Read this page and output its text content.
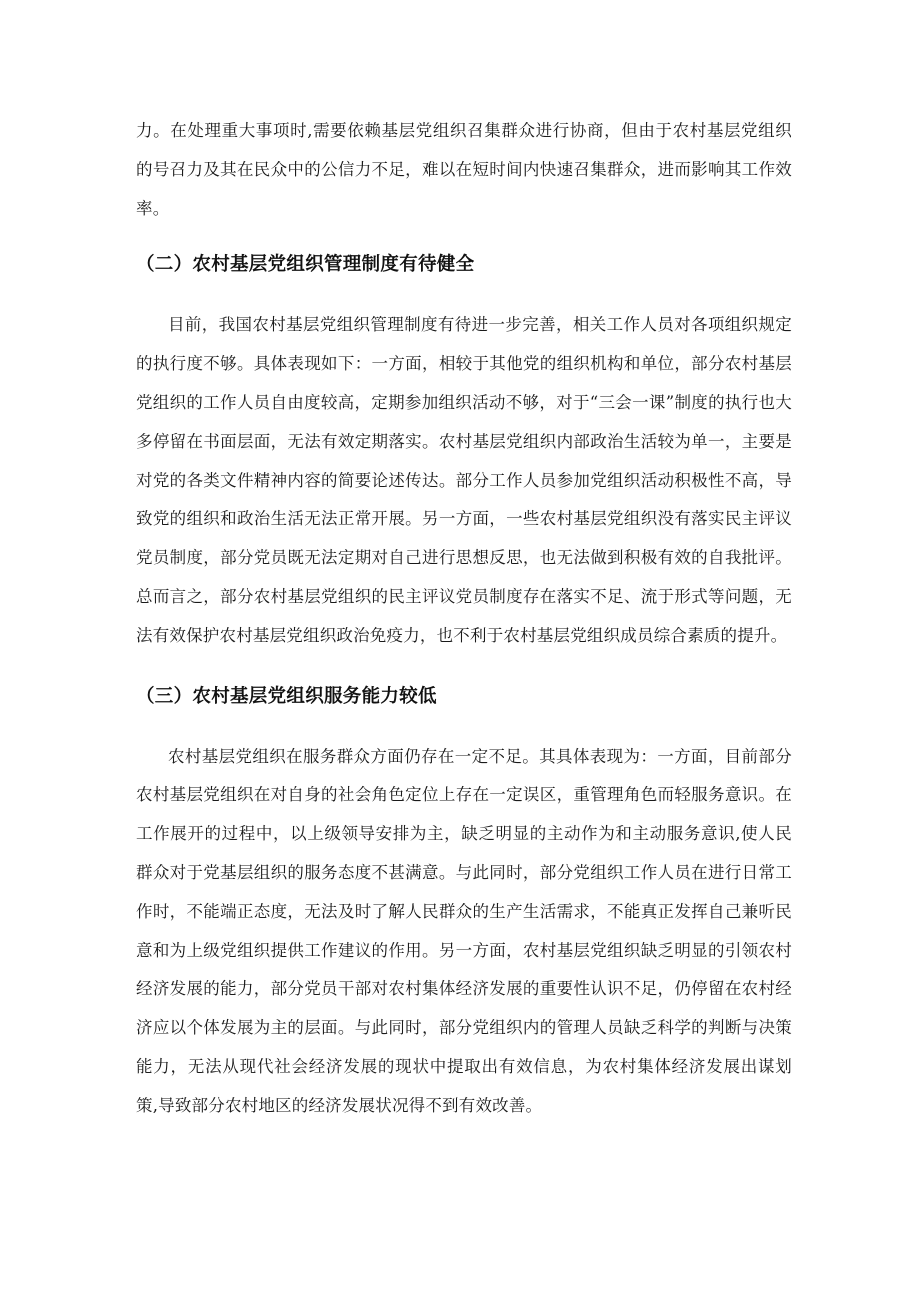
力。在处理重大事项时,需要依赖基层党组织召集群众进行协商，但由于农村基层党组织的号召力及其在民众中的公信力不足，难以在短时间内快速召集群众，进而影响其工作效率。

（二）农村基层党组织管理制度有待健全

目前，我国农村基层党组织管理制度有待进一步完善，相关工作人员对各项组织规定的执行度不够。具体表现如下：一方面，相较于其他党的组织机构和单位，部分农村基层党组织的工作人员自由度较高，定期参加组织活动不够，对于“三会一课”制度的执行也大多停留在书面层面，无法有效定期落实。农村基层党组织内部政治生活较为单一，主要是对党的各类文件精神内容的简要论述传达。部分工作人员参加党组织活动积极性不高，导致党的组织和政治生活无法正常开展。另一方面，一些农村基层党组织没有落实民主评议党员制度，部分党员既无法定期对自己进行思想反思，也无法做到积极有效的自我批评。总而言之，部分农村基层党组织的民主评议党员制度存在落实不足、流于形式等问题，无法有效保护农村基层党组织政治免疫力，也不利于农村基层党组织成员综合素质的提升。

（三）农村基层党组织服务能力较低

农村基层党组织在服务群众方面仍存在一定不足。其具体表现为：一方面，目前部分农村基层党组织在对自身的社会角色定位上存在一定误区，重管理角色而轻服务意识。在工作展开的过程中，以上级领导安排为主，缺乏明显的主动作为和主动服务意识,使人民群众对于党基层组织的服务态度不甚满意。与此同时，部分党组织工作人员在进行日常工作时，不能端正态度，无法及时了解人民群众的生产生活需求，不能真正发挥自己兼听民意和为上级党组织提供工作建议的作用。另一方面，农村基层党组织缺乏明显的引领农村经济发展的能力，部分党员干部对农村集体经济发展的重要性认识不足，仍停留在农村经济应以个体发展为主的层面。与此同时，部分党组织内的管理人员缺乏科学的判断与决策能力，无法从现代社会经济发展的现状中提取出有效信息，为农村集体经济发展出谋划策,导致部分农村地区的经济发展状况得不到有效改善。
